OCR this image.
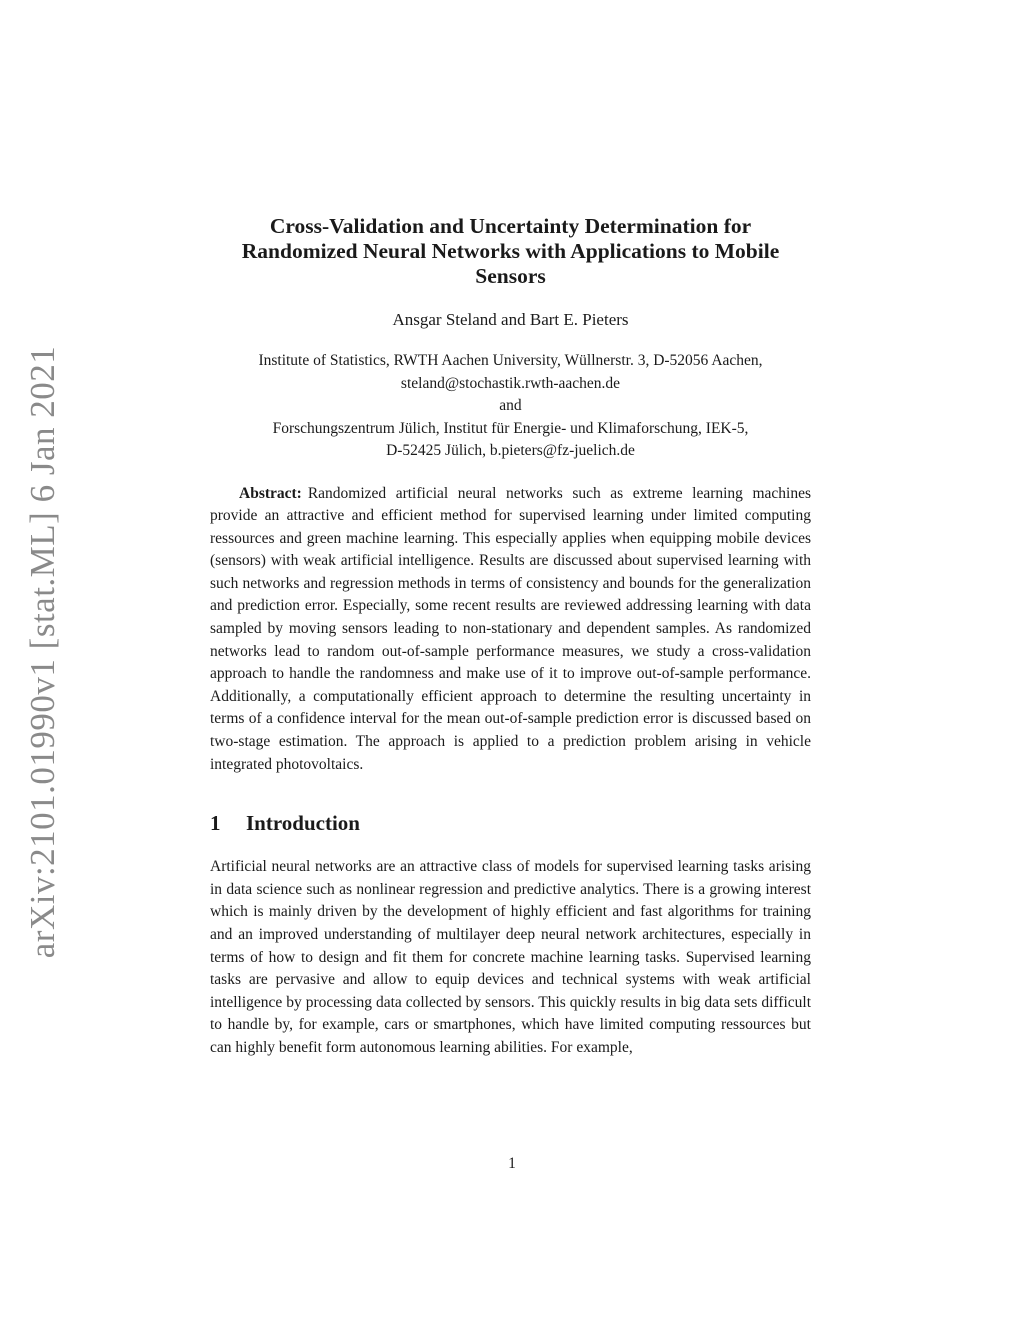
arXiv:2101.01990v1 [stat.ML] 6 Jan 2021
Cross-Validation and Uncertainty Determination for
Randomized Neural Networks with Applications to Mobile
Sensors
Ansgar Steland and Bart E. Pieters
Institute of Statistics, RWTH Aachen University, Wüllnerstr. 3, D-52056 Aachen,
steland@stochastik.rwth-aachen.de
and
Forschungszentrum Jülich, Institut für Energie- und Klimaforschung, IEK-5,
D-52425 Jülich, b.pieters@fz-juelich.de

Abstract: Randomized artificial neural networks such as extreme learning machines provide an attractive and efficient method for supervised learning under limited computing ressources and green machine learning. This especially applies when equipping mobile devices (sensors) with weak artificial intelligence. Results are discussed about supervised learning with such networks and regression methods in terms of consistency and bounds for the generalization and prediction error. Especially, some recent results are reviewed addressing learning with data sampled by moving sensors leading to non-stationary and dependent samples. As randomized networks lead to random out-of-sample performance measures, we study a cross-validation approach to handle the randomness and make use of it to improve out-of-sample performance. Additionally, a computationally efficient approach to determine the resulting uncertainty in terms of a confidence interval for the mean out-of-sample prediction error is discussed based on two-stage estimation. The approach is applied to a prediction problem arising in vehicle integrated photovoltaics.

1	Introduction

Artificial neural networks are an attractive class of models for supervised learning tasks arising in data science such as nonlinear regression and predictive analytics. There is a growing interest which is mainly driven by the development of highly efficient and fast algorithms for training and an improved understanding of multilayer deep neural network architectures, especially in terms of how to design and fit them for concrete machine learning tasks. Supervised learning tasks are pervasive and allow to equip devices and technical systems with weak artificial intelligence by processing data collected by sensors. This quickly results in big data sets difficult to handle by, for example, cars or smartphones, which have limited computing ressources but can highly benefit form autonomous learning abilities. For example,

1
